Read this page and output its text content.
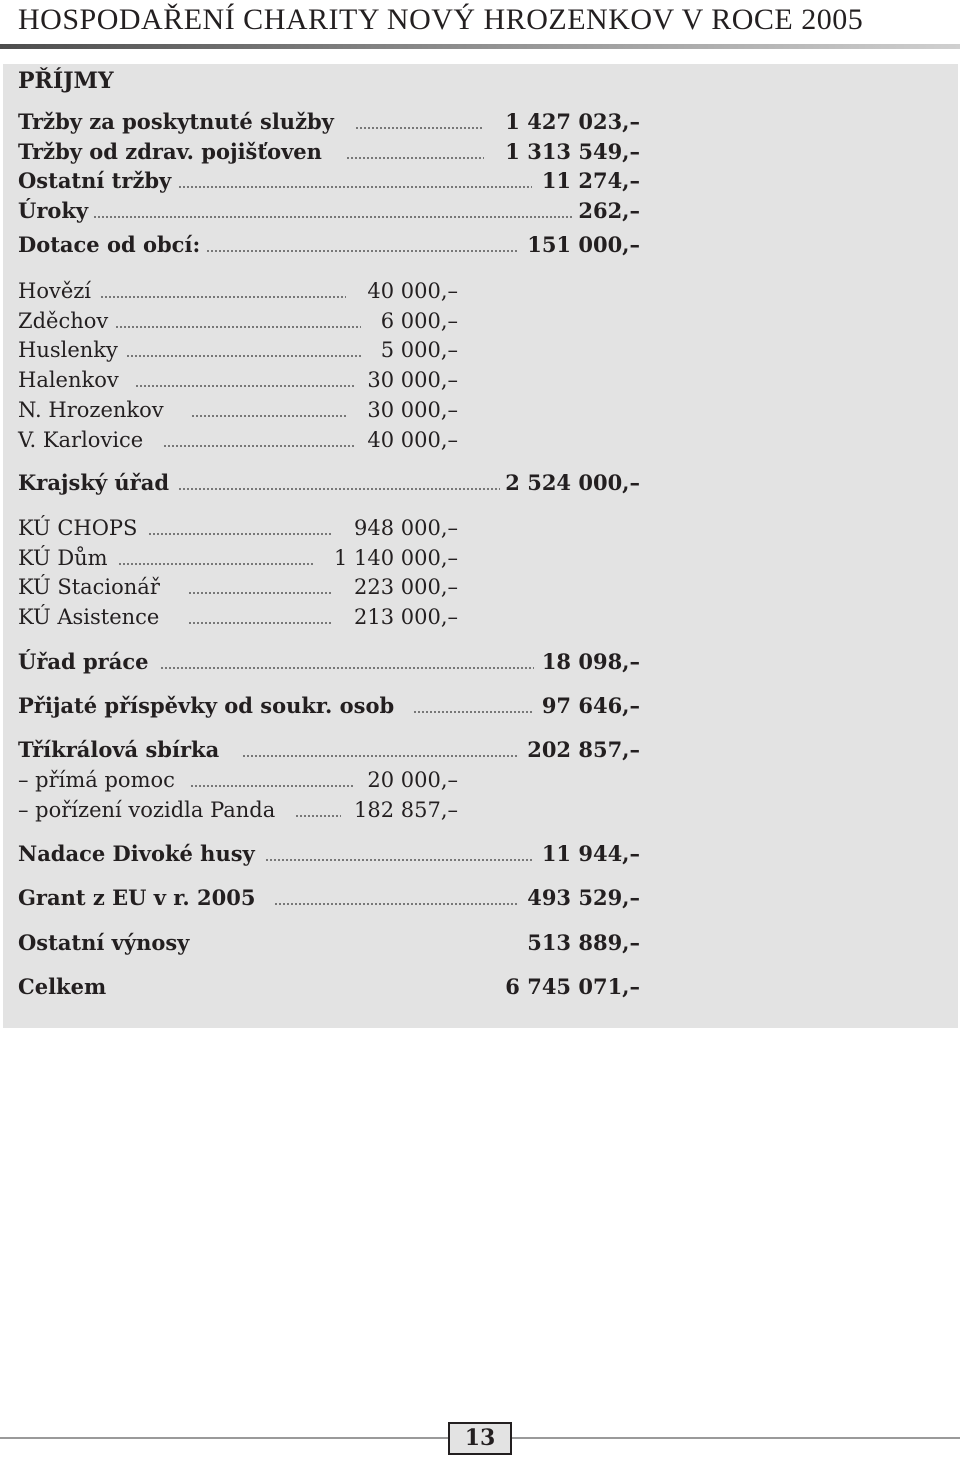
HOSPODAŘENÍ CHARITY NOVÝ HROZENKOV V ROCE 2005
PŘÍJMY
Tržby za poskytnuté služby	1 427 023,–
Tržby od zdrav. pojišťoven	1 313 549,–
Ostatní tržby	11 274,–
Úroky	262,–
Dotace od obcí:	151 000,–
Hovězí	40 000,–
Zděchov	6 000,–
Huslenky	5 000,–
Halenkov	30 000,–
N. Hrozenkov	30 000,–
V. Karlovice	40 000,–
Krajský úřad	2 524 000,–
KÚ CHOPS	948 000,–
KÚ Dům	1 140 000,–
KÚ Stacionář	223 000,–
KÚ Asistence	213 000,–
Úřad práce	18 098,–
Přijaté příspěvky od soukr. osob	97 646,–
Tříkrálová sbírka	202 857,–
– přímá pomoc	20 000,–
– pořízení vozidla Panda	182 857,–
Nadace Divoké husy	11 944,–
Grant z EU v r. 2005	493 529,–
Ostatní výnosy	513 889,–
Celkem	6 745 071,–
13
